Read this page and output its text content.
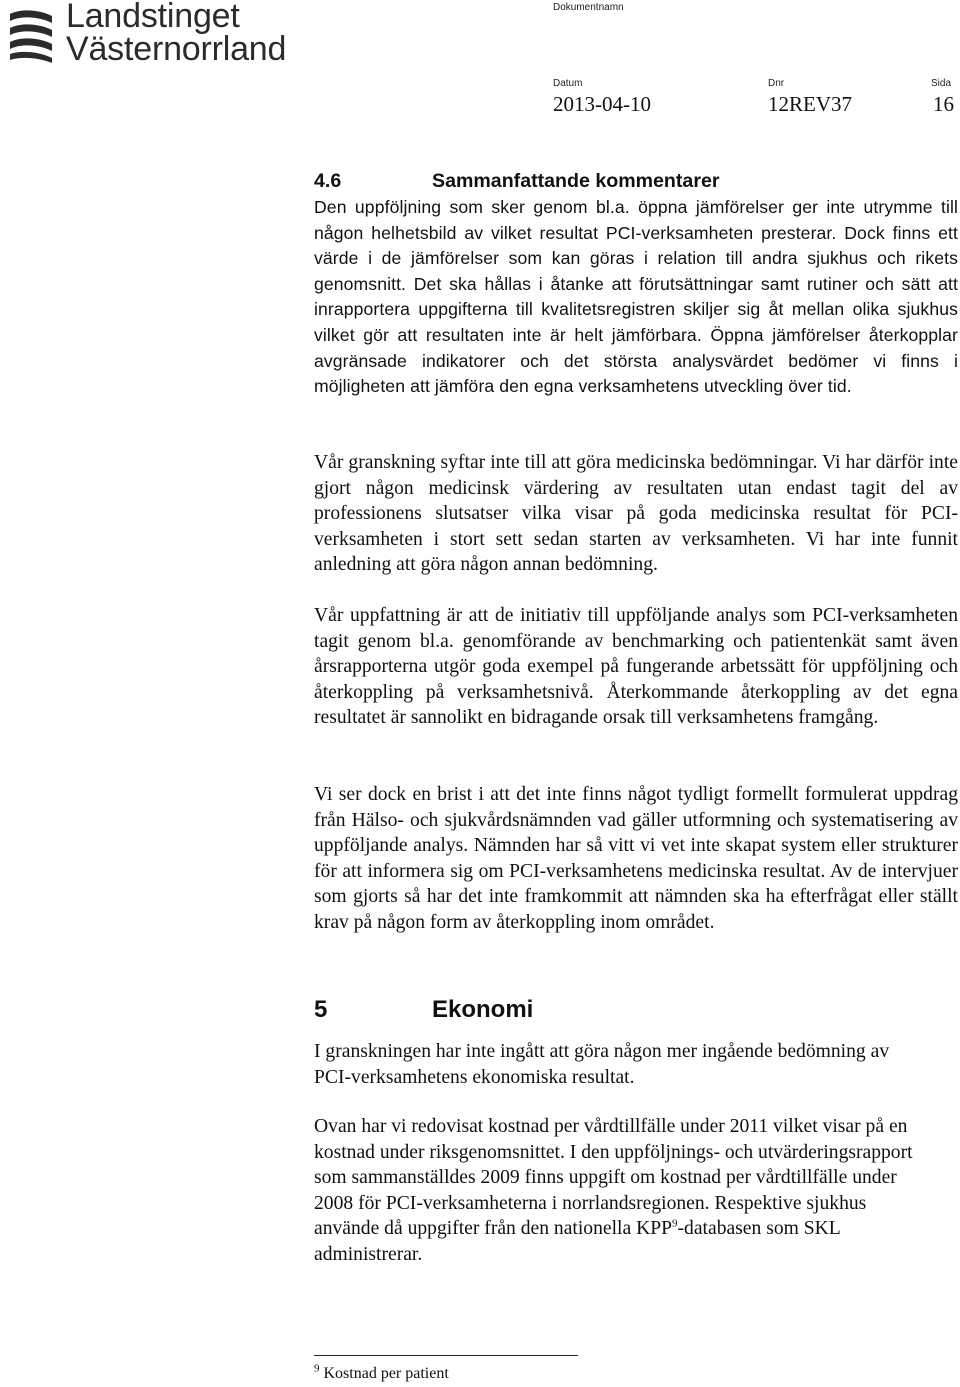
Landstinget
Västernorrland
Dokumentnamn
Datum
2013-04-10
Dnr
12REV37
Sida
16
4.6	Sammanfattande kommentarer

Den uppföljning som sker genom bl.a. öppna jämförelser ger inte utrymme till någon helhetsbild av vilket resultat PCI-verksamheten presterar. Dock finns ett värde i de jämförelser som kan göras i relation till andra sjukhus och rikets genomsnitt. Det ska hållas i åtanke att förutsättningar samt rutiner och sätt att inrapportera uppgifterna till kvalitetsregistren skiljer sig åt mellan olika sjukhus vilket gör att resultaten inte är helt jämförbara. Öppna jämförelser återkopplar avgränsade indikatorer och det största analysvärdet bedömer vi finns i möjligheten att jämföra den egna verksamhetens utveckling över tid.

Vår granskning syftar inte till att göra medicinska bedömningar. Vi har därför inte gjort någon medicinsk värdering av resultaten utan endast tagit del av professionens slutsatser vilka visar på goda medicinska resultat för PCI-verksamheten i stort sett sedan starten av verksamheten. Vi har inte funnit anledning att göra någon annan bedömning.

Vår uppfattning är att de initiativ till uppföljande analys som PCI-verksamheten tagit genom bl.a. genomförande av benchmarking och patientenkät samt även årsrapporterna utgör goda exempel på fungerande arbetssätt för uppföljning och återkoppling på verksamhetsnivå. Återkommande återkoppling av det egna resultatet är sannolikt en bidragande orsak till verksamhetens framgång.

Vi ser dock en brist i att det inte finns något tydligt formellt formulerat uppdrag från Hälso- och sjukvårdsnämnden vad gäller utformning och systematisering av uppföljande analys. Nämnden har så vitt vi vet inte skapat system eller strukturer för att informera sig om PCI-verksamhetens medicinska resultat. Av de intervjuer som gjorts så har det inte framkommit att nämnden ska ha efterfrågat eller ställt krav på någon form av återkoppling inom området.

5	Ekonomi

I granskningen har inte ingått att göra någon mer ingående bedömning av PCI-verksamhetens ekonomiska resultat.

Ovan har vi redovisat kostnad per vårdtillfälle under 2011 vilket visar på en kostnad under riksgenomsnittet. I den uppföljnings- och utvärderingsrapport som sammanställdes 2009 finns uppgift om kostnad per vårdtillfälle under 2008 för PCI-verksamheterna i norrlandsregionen. Respektive sjukhus använde då uppgifter från den nationella KPP$^9$-databasen som SKL administrerar.

$^9$ Kostnad per patient
